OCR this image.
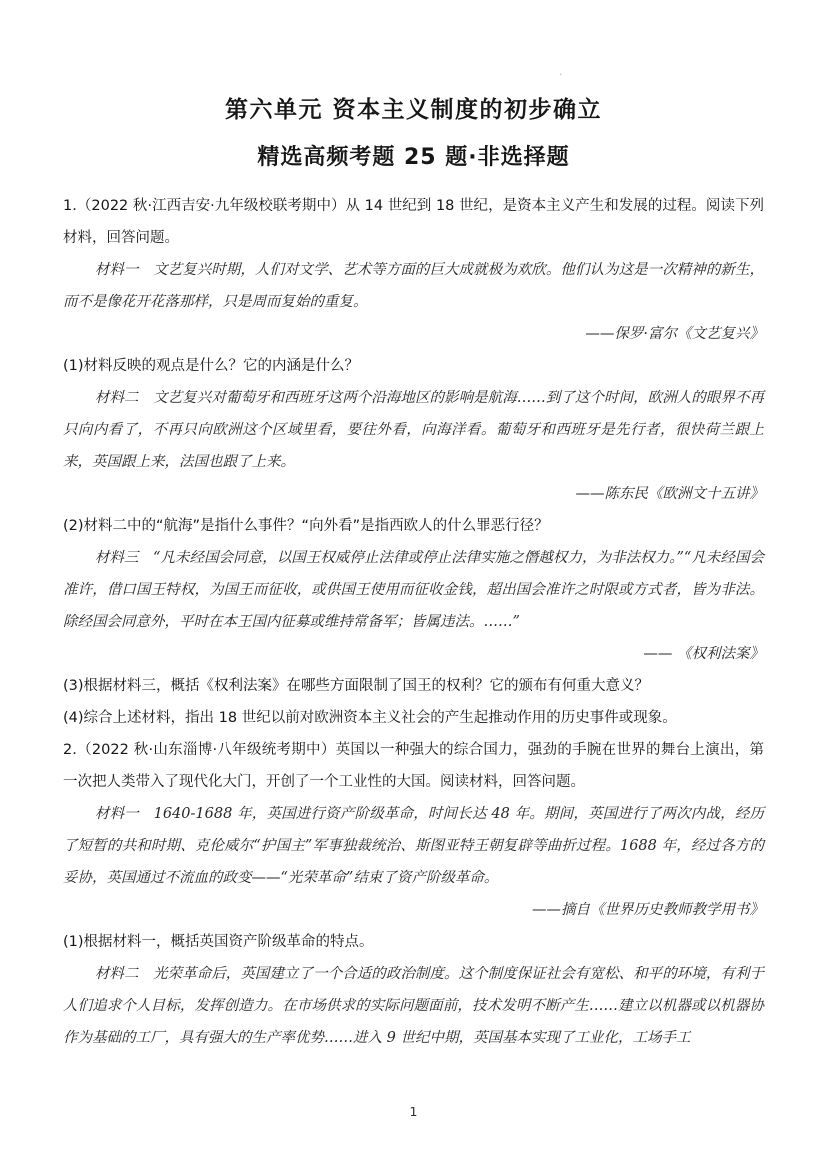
·
第六单元 资本主义制度的初步确立
精选高频考题 25 题·非选择题

1.（2022 秋·江西吉安·九年级校联考期中）从 14 世纪到 18 世纪，是资本主义产生和发展的过程。阅读下列材料，回答问题。

材料一　文艺复兴时期，人们对文学、艺术等方面的巨大成就极为欢欣。他们认为这是一次精神的新生，而不是像花开花落那样，只是周而复始的重复。

——保罗·富尔《文艺复兴》

(1)材料反映的观点是什么？它的内涵是什么？

材料二　文艺复兴对葡萄牙和西班牙这两个沿海地区的影响是航海……到了这个时间，欧洲人的眼界不再只向内看了，不再只向欧洲这个区域里看，要往外看，向海洋看。葡萄牙和西班牙是先行者，很快荷兰跟上来，英国跟上来，法国也跟了上来。

——陈东民《欧洲文十五讲》

(2)材料二中的“航海”是指什么事件？“向外看”是指西欧人的什么罪恶行径？

材料三　“凡未经国会同意，以国王权威停止法律或停止法律实施之僭越权力，为非法权力。”“凡未经国会准许，借口国王特权，为国王而征收，或供国王使用而征收金钱，超出国会准许之时限或方式者，皆为非法。除经国会同意外，平时在本王国内征募或维持常备军；皆属违法。……”

—— 《权利法案》

(3)根据材料三，概括《权利法案》在哪些方面限制了国王的权利？它的颁布有何重大意义？

(4)综合上述材料，指出 18 世纪以前对欧洲资本主义社会的产生起推动作用的历史事件或现象。

2.（2022 秋·山东淄博·八年级统考期中）英国以一种强大的综合国力，强劲的手腕在世界的舞台上演出，第一次把人类带入了现代化大门，开创了一个工业性的大国。阅读材料，回答问题。

材料一　1640-1688 年，英国进行资产阶级革命，时间长达 48 年。期间，英国进行了两次内战，经历了短暂的共和时期、克伦威尔“护国主”军事独裁统治、斯图亚特王朝复辟等曲折过程。1688 年，经过各方的妥协，英国通过不流血的政变——“光荣革命”结束了资产阶级革命。

——摘自《世界历史教师教学用书》

(1)根据材料一，概括英国资产阶级革命的特点。

材料二　光荣革命后，英国建立了一个合适的政治制度。这个制度保证社会有宽松、和平的环境，有利于人们追求个人目标，发挥创造力。在市场供求的实际问题面前，技术发明不断产生……建立以机器或以机器协作为基础的工厂，具有强大的生产率优势……进入 9 世纪中期，英国基本实现了工业化，工场手工

1
